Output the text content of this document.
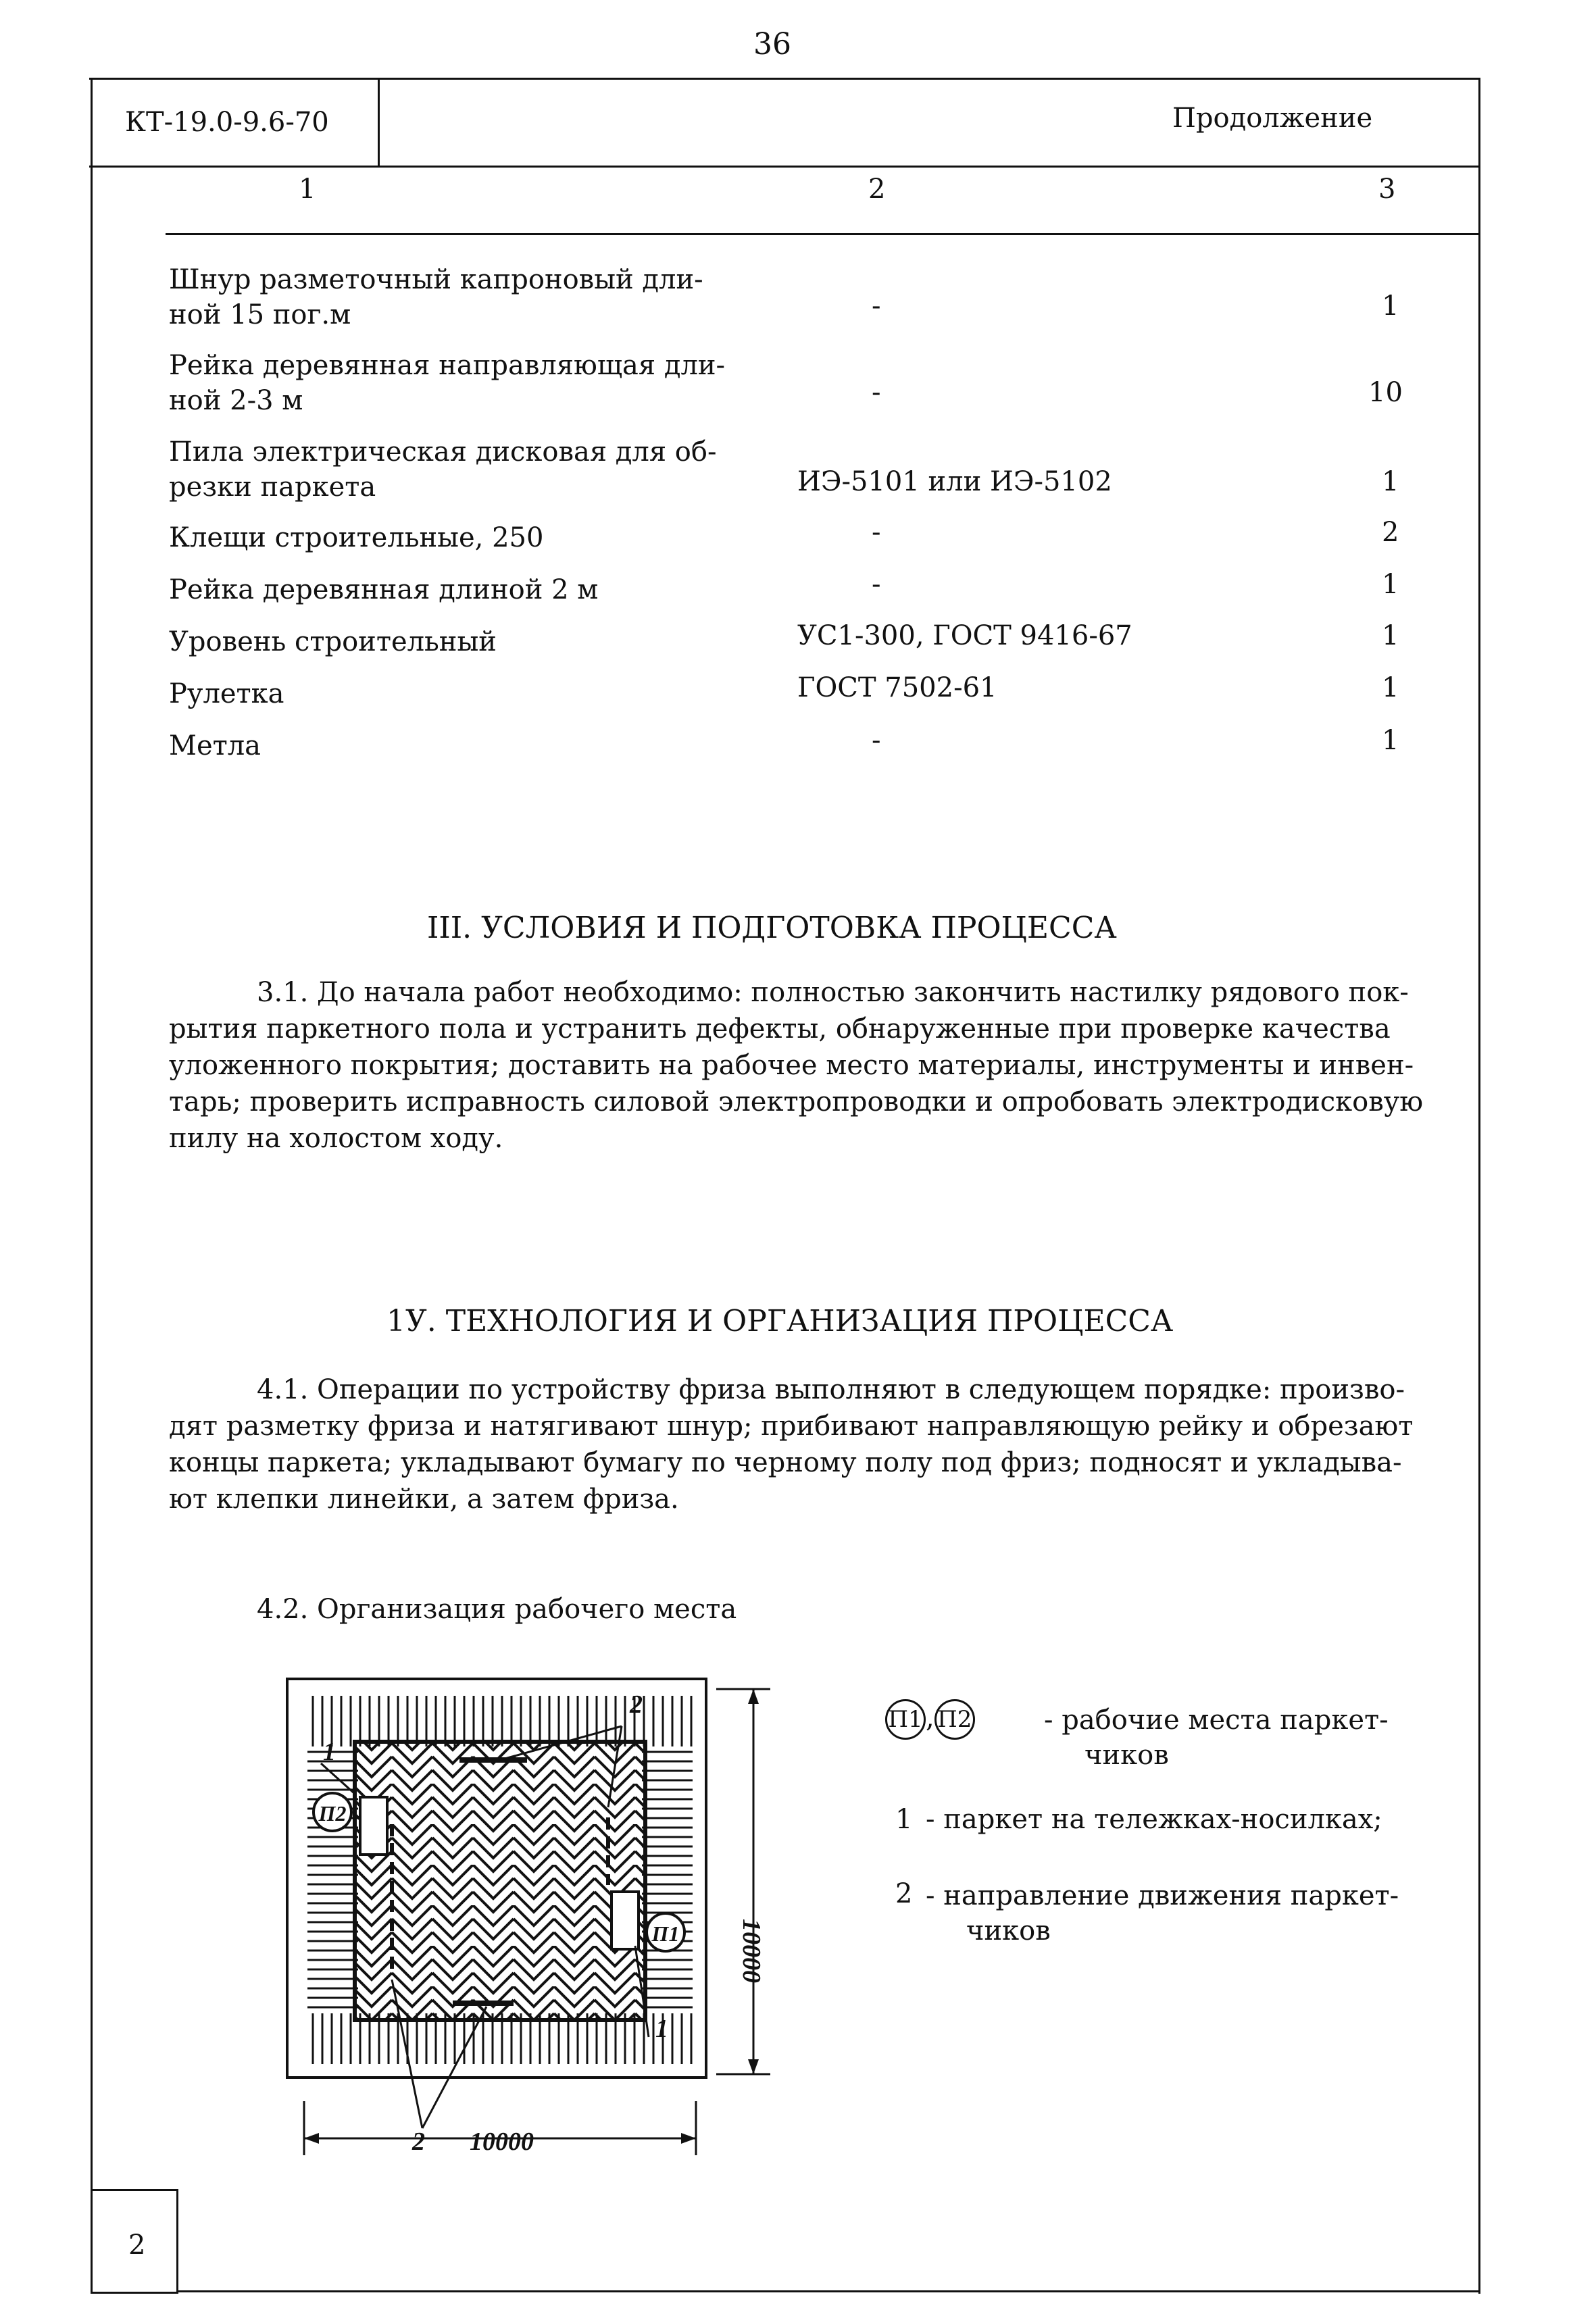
36
КТ-19.0-9.6-70	Продолжение
1	2	3
Шнур разметочный капроновый дли-
ной 15 пог.м	-	1
Рейка деревянная направляющая дли-
ной 2-3 м	-	10
Пила электрическая дисковая для об-
резки паркета	ИЭ-5101 или ИЭ-5102	1
Клещи строительные, 250	-	2
Рейка деревянная длиной 2 м	-	1
Уровень строительный	УС1-300, ГОСТ 9416-67	1
Рулетка	ГОСТ 7502-61	1
Метла	-	1
III. УСЛОВИЯ И ПОДГОТОВКА ПРОЦЕССА
3.1. До начала работ необходимо: полностью закончить настилку рядового пок-
рытия паркетного пола и устранить дефекты, обнаруженные при проверке качества
уложенного покрытия; доставить на рабочее место материалы, инструменты и инвен-
тарь; проверить исправность силовой электропроводки и опробовать электродисковую
пилу на холостом ходу.
1У. ТЕХНОЛОГИЯ И ОРГАНИЗАЦИЯ ПРОЦЕССА
4.1. Операции по устройству фриза выполняют в следующем порядке: произво-
дят разметку фриза и натягивают шнур; прибивают направляющую рейку и обрезают
концы паркета; укладывают бумагу по черному полу под фриз; подносят и укладыва-
ют клепки линейки, а затем фриза.
4.2. Организация рабочего места
П2
П1
1
2
1
2 10000
10000
П1 , П2	- рабочие места паркет-
чиков
1 - паркет на тележках-носилках;
2 - направление движения паркет-
чиков
2
